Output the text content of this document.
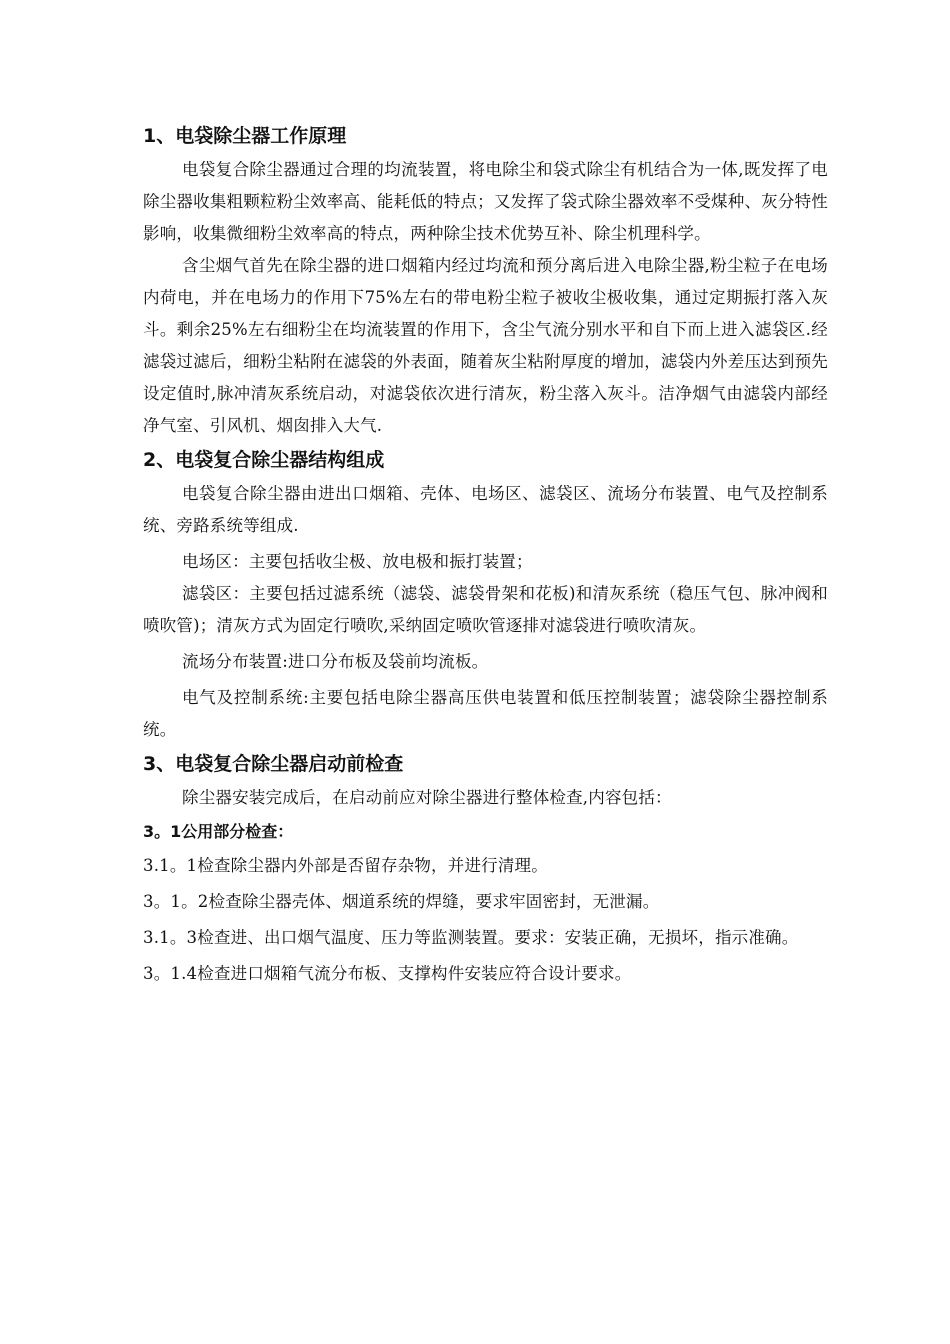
1、电袋除尘器工作原理

电袋复合除尘器通过合理的均流装置，将电除尘和袋式除尘有机结合为一体,既发挥了电除尘器收集粗颗粒粉尘效率高、能耗低的特点；又发挥了袋式除尘器效率不受煤种、灰分特性影响，收集微细粉尘效率高的特点，两种除尘技术优势互补、除尘机理科学。

含尘烟气首先在除尘器的进口烟箱内经过均流和预分离后进入电除尘器,粉尘粒子在电场内荷电，并在电场力的作用下75%左右的带电粉尘粒子被收尘极收集，通过定期振打落入灰斗。剩余25%左右细粉尘在均流装置的作用下，含尘气流分别水平和自下而上进入滤袋区.经滤袋过滤后，细粉尘粘附在滤袋的外表面，随着灰尘粘附厚度的增加，滤袋内外差压达到预先设定值时,脉冲清灰系统启动，对滤袋依次进行清灰，粉尘落入灰斗。洁净烟气由滤袋内部经净气室、引风机、烟囱排入大气.

2、电袋复合除尘器结构组成

电袋复合除尘器由进出口烟箱、壳体、电场区、滤袋区、流场分布装置、电气及控制系统、旁路系统等组成.

电场区：主要包括收尘极、放电极和振打装置；

滤袋区：主要包括过滤系统（滤袋、滤袋骨架和花板)和清灰系统（稳压气包、脉冲阀和喷吹管)；清灰方式为固定行喷吹,采纳固定喷吹管逐排对滤袋进行喷吹清灰。

流场分布装置:进口分布板及袋前均流板。

电气及控制系统:主要包括电除尘器高压供电装置和低压控制装置；滤袋除尘器控制系统。

3、电袋复合除尘器启动前检查

除尘器安装完成后，在启动前应对除尘器进行整体检查,内容包括：

3。1公用部分检查：

3.1。1检查除尘器内外部是否留存杂物，并进行清理。

3。1。2检查除尘器壳体、烟道系统的焊缝，要求牢固密封，无泄漏。

3.1。3检查进、出口烟气温度、压力等监测装置。要求：安装正确，无损坏，指示准确。

3。1.4检查进口烟箱气流分布板、支撑构件安装应符合设计要求。
